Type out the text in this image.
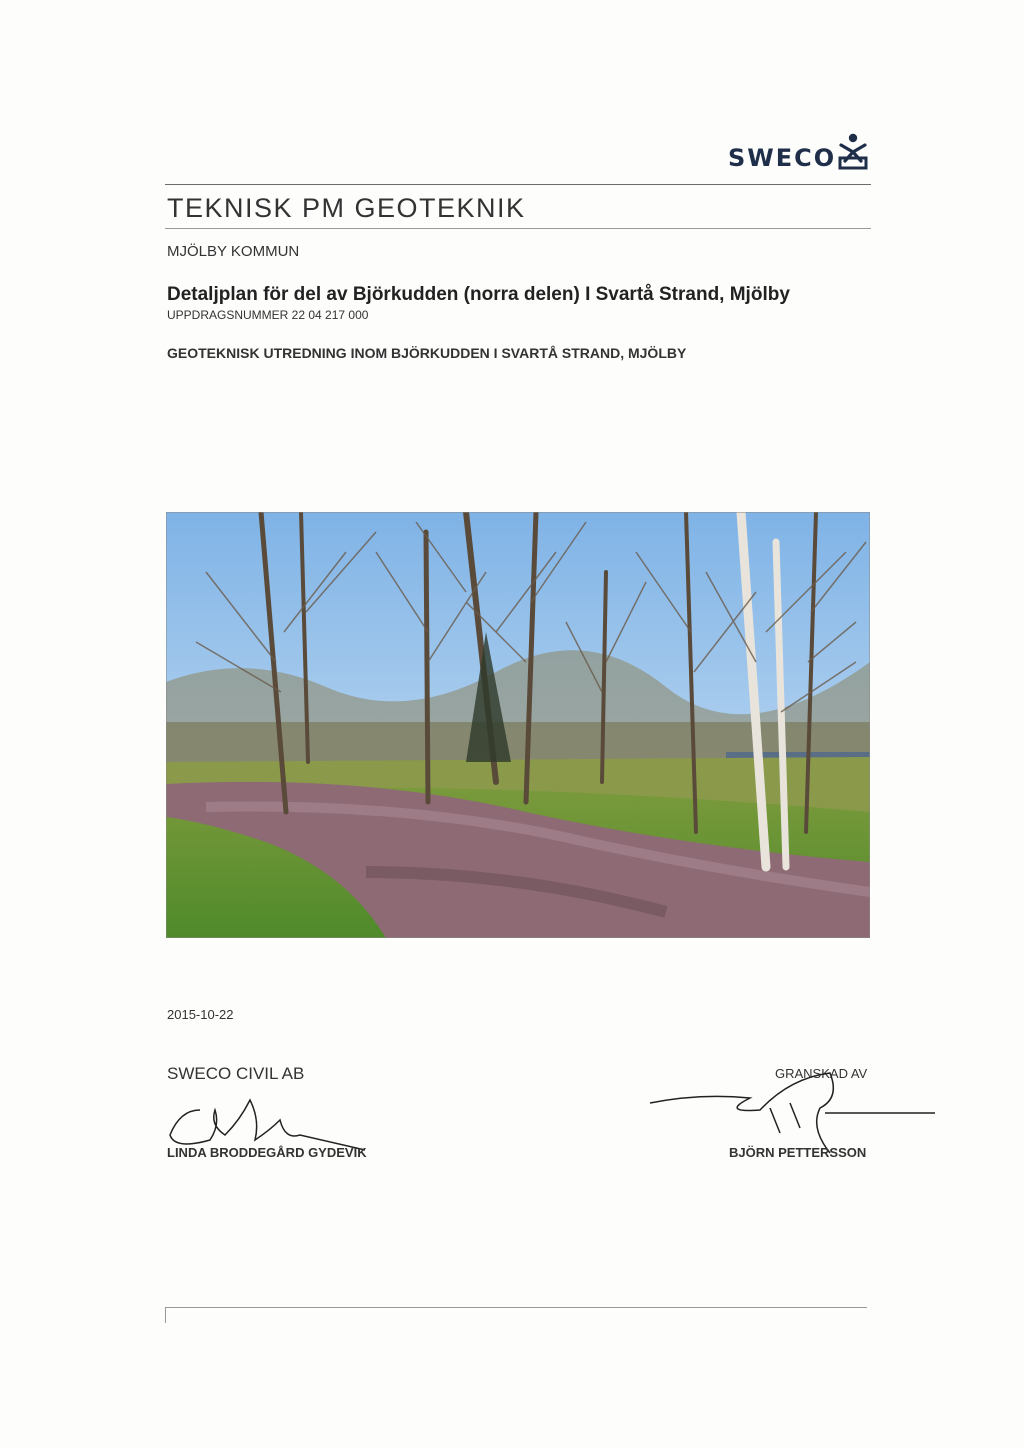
SWECO
TEKNISK PM GEOTEKNIK
MJÖLBY KOMMUN
Detaljplan för del av Björkudden (norra delen) I Svartå Strand, Mjölby
UPPDRAGSNUMMER 22 04 217 000
GEOTEKNISK UTREDNING INOM BJÖRKUDDEN I SVARTÅ STRAND, MJÖLBY
2015-10-22
SWECO CIVIL AB
LINDA BRODDEGÅRD GYDEVIK
GRANSKAD AV
BJÖRN PETTERSSON
